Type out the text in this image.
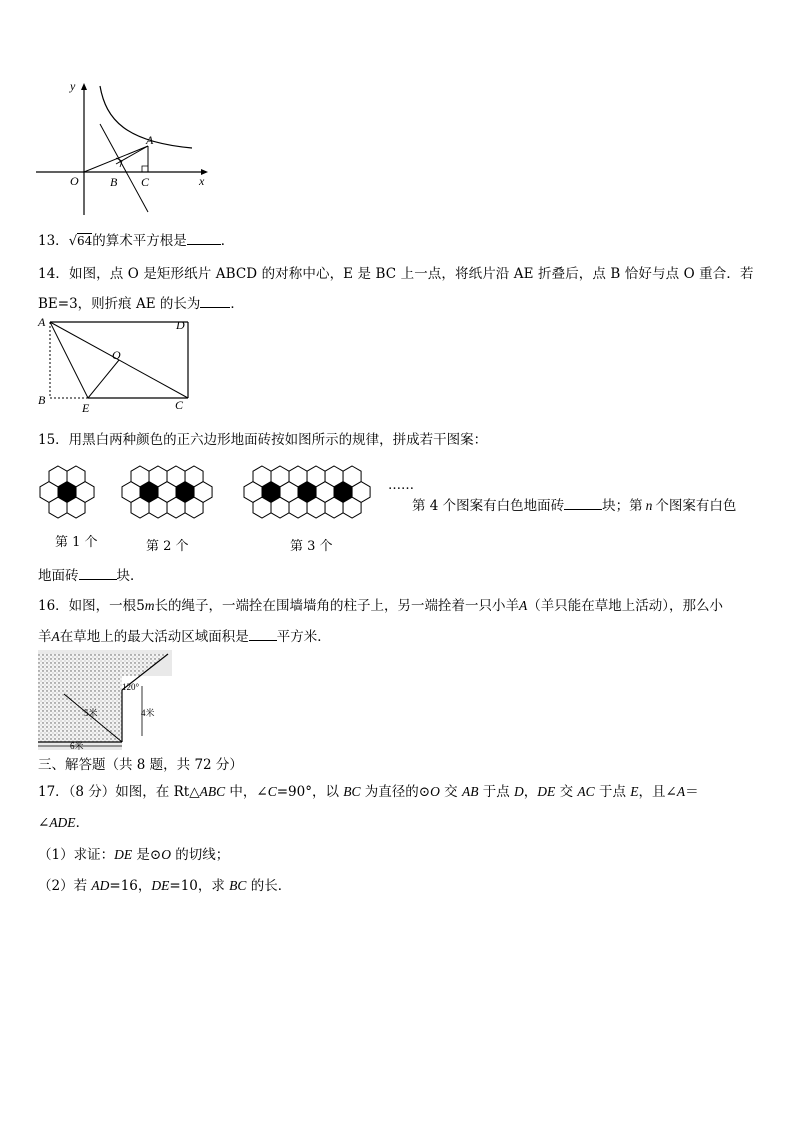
y
x
O
A
B C
13．√64的算术平方根是	．
14．如图，点 O 是矩形纸片 ABCD 的对称中心，E 是 BC 上一点，将纸片沿 AE 折叠后，点 B 恰好与点 O 重合．若
BE=3，则折痕 AE 的长为 ．
A	D
O
B
E	C
15．用黑白两种颜色的正六边形地面砖按如图所示的规律，拼成若干图案：
第 1 个	第 2 个	第 3 个
……
第 4 个图案有白色地面砖	块；第 n 个图案有白色
地面砖	块．
16．如图，一根5m长的绳子，一端拴在围墙墙角的柱子上，另一端拴着一只小羊A（羊只能在草地上活动），那么小
羊A在草地上的最大活动区域面积是 平方米．
120°
5米	4米
6米
三、解答题（共 8 题，共 72 分）
17．（8 分）如图，在 Rt△ABC 中，∠C=90°，以 BC 为直径的⊙O 交 AB 于点 D，DE 交 AC 于点 E，且∠A＝
∠ADE．
（1）求证：DE 是⊙O 的切线；
（2）若 AD=16，DE=10，求 BC 的长．
